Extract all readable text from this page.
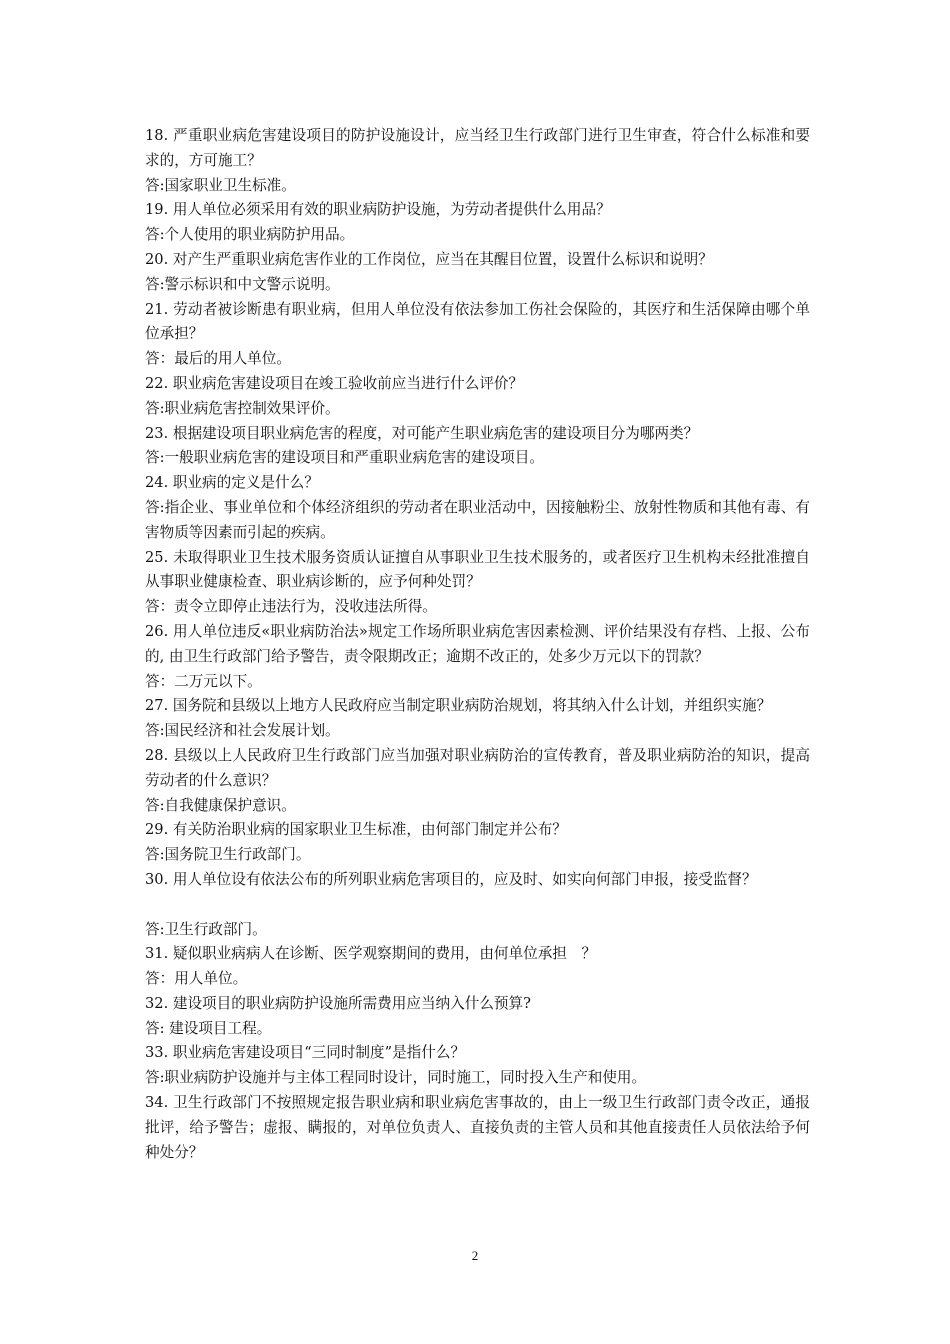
18. 严重职业病危害建设项目的防护设施设计，应当经卫生行政部门进行卫生审查，符合什么标准和要求的，方可施工？

答:国家职业卫生标准。

19. 用人单位必须采用有效的职业病防护设施，为劳动者提供什么用品？

答:个人使用的职业病防护用品。

20. 对产生严重职业病危害作业的工作岗位，应当在其醒目位置，设置什么标识和说明？

答:警示标识和中文警示说明。

21. 劳动者被诊断患有职业病，但用人单位没有依法参加工伤社会保险的，其医疗和生活保障由哪个单位承担？

答：最后的用人单位。

22. 职业病危害建设项目在竣工验收前应当进行什么评价？

答:职业病危害控制效果评价。

23. 根据建设项目职业病危害的程度，对可能产生职业病危害的建设项目分为哪两类？

答:一般职业病危害的建设项目和严重职业病危害的建设项目。

24. 职业病的定义是什么？

答:指企业、事业单位和个体经济组织的劳动者在职业活动中，因接触粉尘、放射性物质和其他有毒、有害物质等因素而引起的疾病。

25. 未取得职业卫生技术服务资质认证擅自从事职业卫生技术服务的，或者医疗卫生机构未经批准擅自从事职业健康检查、职业病诊断的，应予何种处罚？

答：责令立即停止违法行为，没收违法所得。

26. 用人单位违反«职业病防治法»规定工作场所职业病危害因素检测、评价结果没有存档、上报、公布的, 由卫生行政部门给予警告，责令限期改正；逾期不改正的，处多少万元以下的罚款？

答：二万元以下。

27. 国务院和县级以上地方人民政府应当制定职业病防治规划，将其纳入什么计划，并组织实施？

答:国民经济和社会发展计划。

28. 县级以上人民政府卫生行政部门应当加强对职业病防治的宣传教育，普及职业病防治的知识，提高劳动者的什么意识？

答:自我健康保护意识。

29. 有关防治职业病的国家职业卫生标准，由何部门制定并公布？

答:国务院卫生行政部门。

30. 用人单位设有依法公布的所列职业病危害项目的，应及时、如实向何部门申报，接受监督？

答:卫生行政部门。

31. 疑似职业病病人在诊断、医学观察期间的费用，由何单位承担　？

答：用人单位。

32. 建设项目的职业病防护设施所需费用应当纳入什么预算?

答: 建设项目工程。

33. 职业病危害建设项目“三同时制度”是指什么？

答:职业病防护设施并与主体工程同时设计，同时施工，同时投入生产和使用。

34. 卫生行政部门不按照规定报告职业病和职业病危害事故的，由上一级卫生行政部门责令改正，通报批评，给予警告；虚报、瞒报的，对单位负责人、直接负责的主管人员和其他直接责任人员依法给予何种处分？

2
